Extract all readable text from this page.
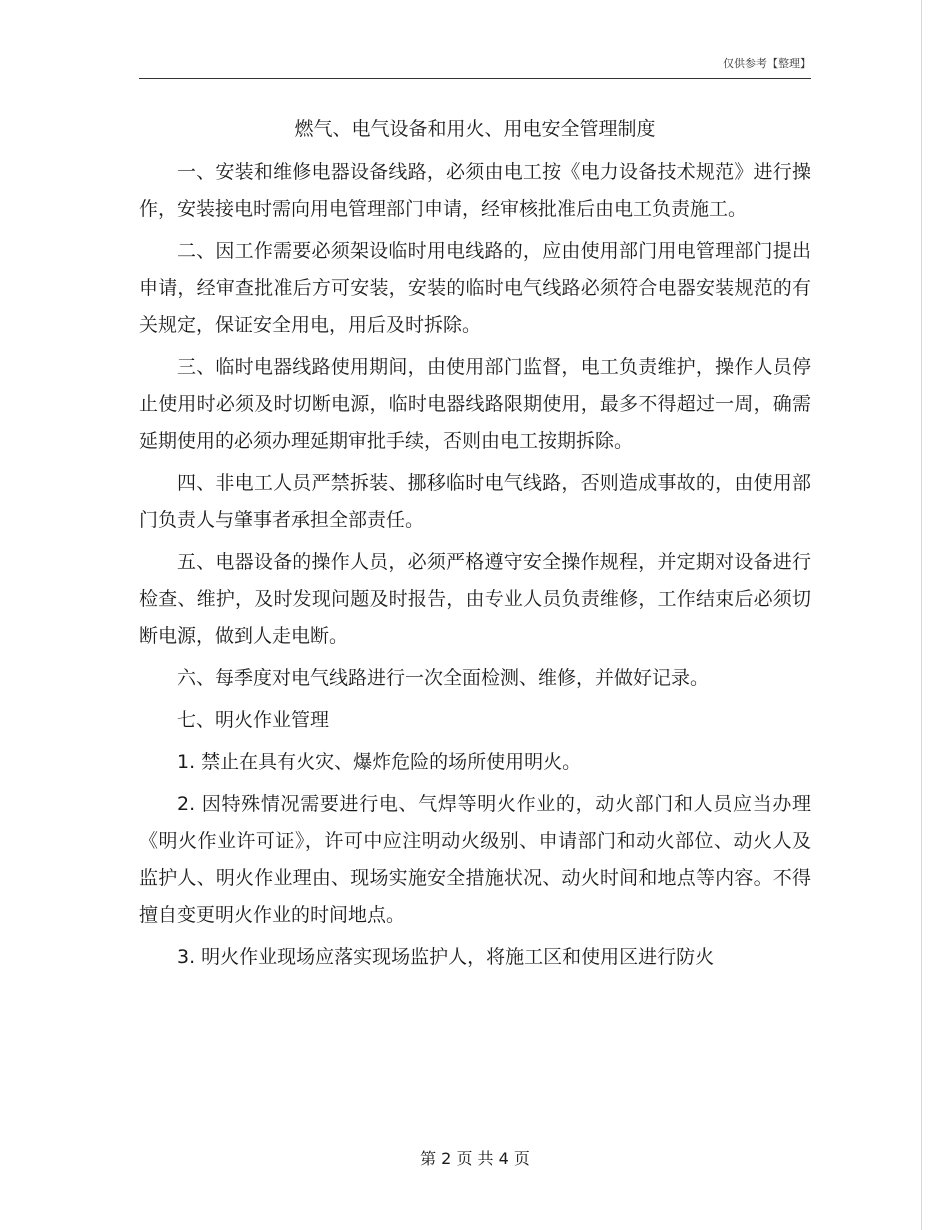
仅供参考【整理】
燃气、电气设备和用火、用电安全管理制度

一、安装和维修电器设备线路，必须由电工按《电力设备技术规范》进行操作，安装接电时需向用电管理部门申请，经审核批准后由电工负责施工。

二、因工作需要必须架设临时用电线路的，应由使用部门用电管理部门提出申请，经审查批准后方可安装，安装的临时电气线路必须符合电器安装规范的有关规定，保证安全用电，用后及时拆除。

三、临时电器线路使用期间，由使用部门监督，电工负责维护，操作人员停止使用时必须及时切断电源，临时电器线路限期使用，最多不得超过一周，确需延期使用的必须办理延期审批手续，否则由电工按期拆除。

四、非电工人员严禁拆装、挪移临时电气线路，否则造成事故的，由使用部门负责人与肇事者承担全部责任。

五、电器设备的操作人员，必须严格遵守安全操作规程，并定期对设备进行检查、维护，及时发现问题及时报告，由专业人员负责维修，工作结束后必须切断电源，做到人走电断。

六、每季度对电气线路进行一次全面检测、维修，并做好记录。

七、明火作业管理

1. 禁止在具有火灾、爆炸危险的场所使用明火。

2. 因特殊情况需要进行电、气焊等明火作业的，动火部门和人员应当办理《明火作业许可证》，许可中应注明动火级别、申请部门和动火部位、动火人及监护人、明火作业理由、现场实施安全措施状况、动火时间和地点等内容。不得擅自变更明火作业的时间地点。

3. 明火作业现场应落实现场监护人，将施工区和使用区进行防火

第 2 页 共 4 页
